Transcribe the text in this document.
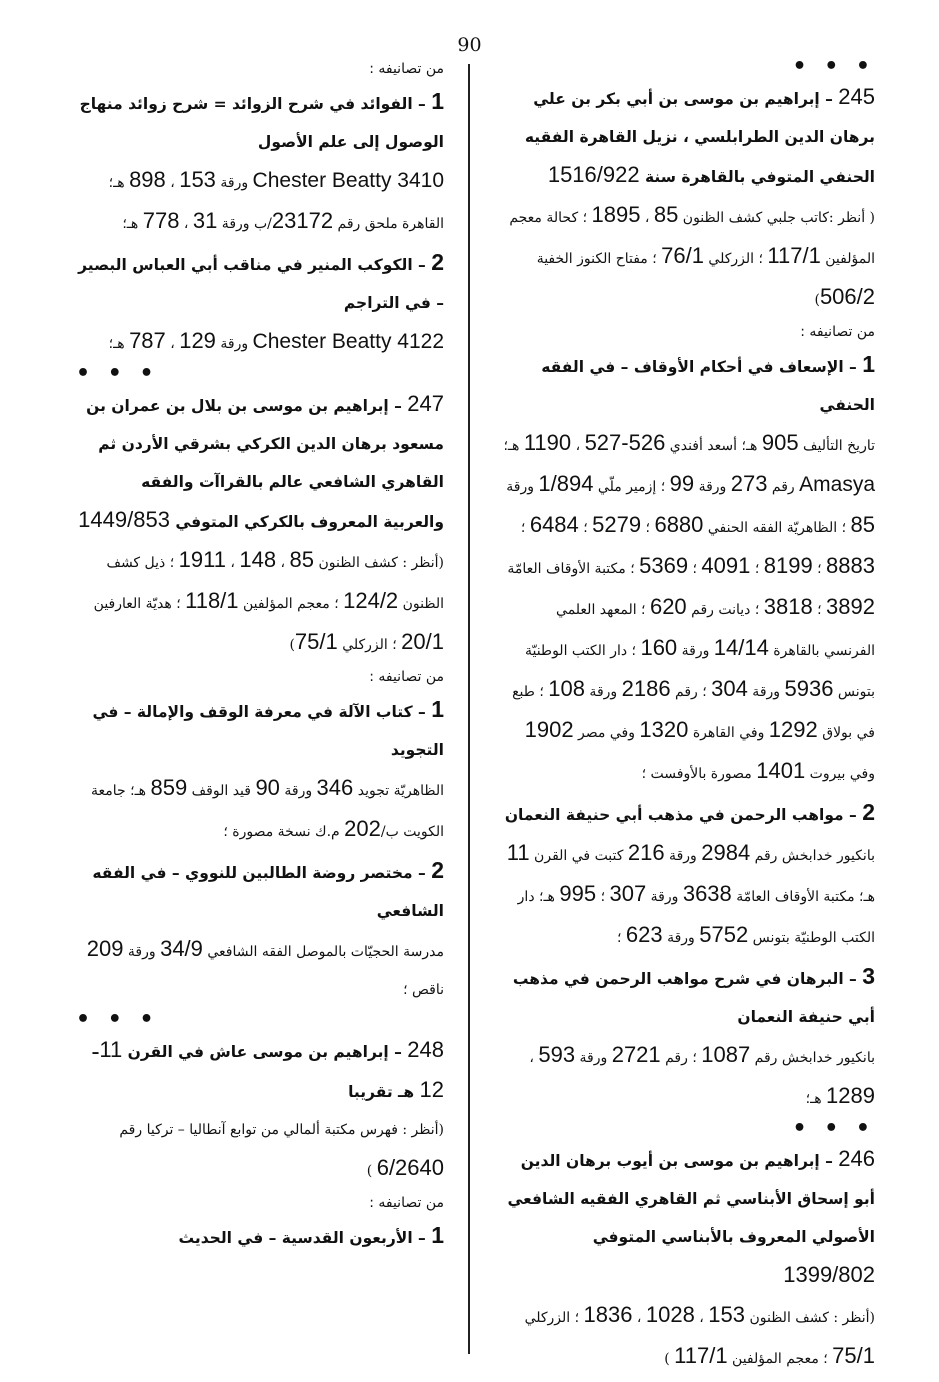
90

• • •

245 – إبراهيم بن موسى بن أبي بكر بن علي برهان الدين الطرابلسي ، نزيل القاهرة الفقيه الحنفي المتوفي بالقاهرة سنة 1516/922

( أنظر :كاتب جلبي كشف الظنون 85 ، 1895 ؛ كحالة معجم المؤلفين 117/1 ؛ الزركلي 76/1 ؛ مفتاح الكنوز الخفية 506/2)

من تصانيفه :

1 – الإسعاف في أحكام الأوقاف – في الفقه الحنفي

تاريخ التأليف 905 هـ؛ أسعد أفندي 527-526 ، 1190 هـ؛ Amasya رقم 273 ورقة 99 ؛ إزمير ملّي 1/894 ورقة 85 ؛ الظاهريّة الفقه الحنفي 6880 ؛ 5279 ؛ 6484 ؛ 8883 ؛ 8199 ؛ 4091 ؛ 5369 ؛ مكتبة الأوقاف العامّة 3892 ؛ 3818 ؛ ديانت رقم 620 ؛ المعهد العلمي الفرنسي بالقاهرة 14/14 ورقة 160 ؛ دار الكتب الوطنيّة بتونس 5936 ورقة 304 ؛ رقم 2186 ورقة 108 ؛ طبع في بولاق 1292 وفي القاهرة 1320 وفي مصر 1902 وفي بيروت 1401 مصورة بالأوفست ؛

2 – مواهب الرحمن في مذهب أبي حنيفة النعمان

بانكيور خدابخش رقم 2984 ورقة 216 كتبت في القرن 11 هـ؛ مكتبة الأوقاف العامّة 3638 ورقة 307 ؛ 995 هـ؛ دار الكتب الوطنيّة بتونس 5752 ورقة 623 ؛

3 – البرهان في شرح مواهب الرحمن في مذهب أبي حنيفة النعمان

بانكيور خدابخش رقم 1087 ؛ رقم 2721 ورقة 593 ، 1289 هـ؛

• • •

246 – إبراهيم بن موسى بن أيوب برهان الدين أبو إسحاق الأبناسي ثم القاهري الفقيه الشافعي الأصولي المعروف بالأبناسي المتوفي 1399/802

(أنظر : كشف الظنون 153 ، 1028 ، 1836 ؛ الزركلي 75/1 ؛ معجم المؤلفين 117/1 )

من تصانيفه :

1 – الفوائد في شرح الزوائد = شرح زوائد منهاج الوصول إلى علم الأصول

Chester Beatty 3410 ورقة 153 ، 898 هـ؛ القاهرة ملحق رقم 23172/ب ورقة 31 ، 778 هـ؛

2 – الكوكب المنير في مناقب أبي العباس البصير – في التراجم

Chester Beatty 4122 ورقة 129 ، 787 هـ؛

• • •

247 – إبراهيم بن موسى بن بلال بن عمران بن مسعود برهان الدين الكركي بشرقي الأردن ثم القاهري الشافعي عالم بالقراآت والفقه والعربية المعروف بالكركي المتوفي 1449/853

(أنظر : كشف الظنون 85 ، 148 ، 1911 ؛ ذيل كشف الظنون 124/2 ؛ معجم المؤلفين 118/1 ؛ هديّة العارفين 20/1 ؛ الزركلي 75/1)

من تصانيفه :

1 – كتاب الآلة في معرفة الوقف والإمالة – في التجويد

الظاهريّة تجويد 346 ورقة 90 قيد الوقف 859 هـ؛ جامعة الكويت ب/202 م.ك نسخة مصورة ؛

2 – مختصر روضة الطالبين للنووي – في الفقه الشافعي

مدرسة الحجيّات بالموصل الفقه الشافعي 34/9 ورقة 209 ناقص ؛

• • •

248 – إبراهيم بن موسى عاش في القرن 11– 12 هـ تقريبا

(أنظر : فهرس مكتبة ألمالي من توابع آنطاليا – تركيا رقم 6/2640 )

من تصانيفه :

1 – الأربعون القدسية – في الحديث
